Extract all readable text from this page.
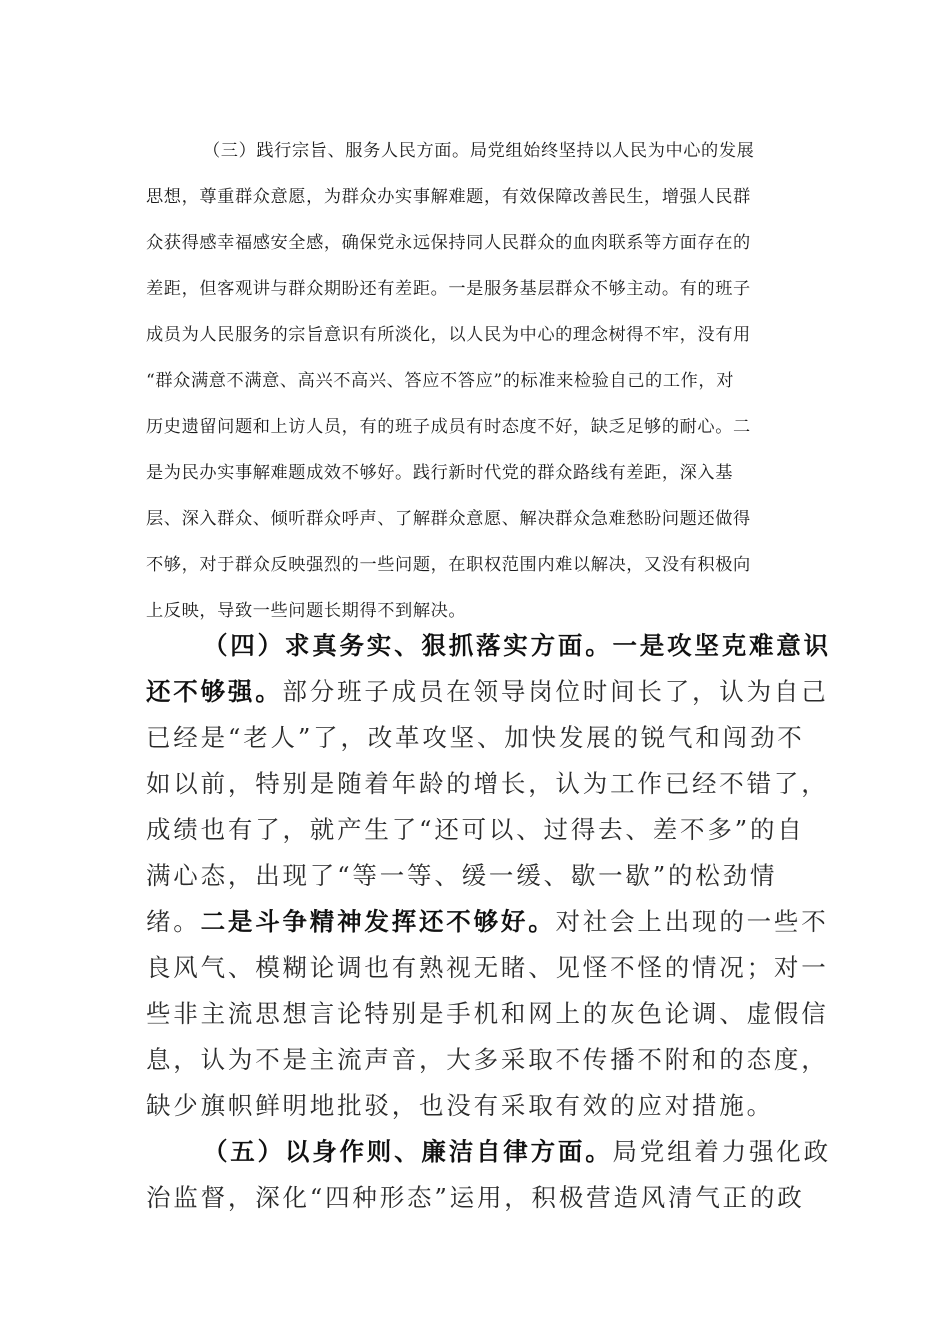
（三）践行宗旨、服务人民方面。局党组始终坚持以人民为中心的发展
思想，尊重群众意愿，为群众办实事解难题，有效保障改善民生，增强人民群
众获得感幸福感安全感，确保党永远保持同人民群众的血肉联系等方面存在的
差距，但客观讲与群众期盼还有差距。一是服务基层群众不够主动。有的班子
成员为人民服务的宗旨意识有所淡化，以人民为中心的理念树得不牢，没有用
“群众满意不满意、高兴不高兴、答应不答应”的标准来检验自己的工作，对
历史遗留问题和上访人员，有的班子成员有时态度不好，缺乏足够的耐心。二
是为民办实事解难题成效不够好。践行新时代党的群众路线有差距，深入基
层、深入群众、倾听群众呼声、了解群众意愿、解决群众急难愁盼问题还做得
不够，对于群众反映强烈的一些问题，在职权范围内难以解决，又没有积极向
上反映，导致一些问题长期得不到解决。
（四）求真务实、狠抓落实方面。一是攻坚克难意识
还不够强。部分班子成员在领导岗位时间长了，认为自己
已经是“老人”了，改革攻坚、加快发展的锐气和闯劲不
如以前，特别是随着年龄的增长，认为工作已经不错了，
成绩也有了，就产生了“还可以、过得去、差不多”的自
满心态，出现了“等一等、缓一缓、歇一歇”的松劲情
绪。二是斗争精神发挥还不够好。对社会上出现的一些不
良风气、模糊论调也有熟视无睹、见怪不怪的情况；对一
些非主流思想言论特别是手机和网上的灰色论调、虚假信
息，认为不是主流声音，大多采取不传播不附和的态度，
缺少旗帜鲜明地批驳，也没有采取有效的应对措施。
（五）以身作则、廉洁自律方面。局党组着力强化政
治监督，深化“四种形态”运用，积极营造风清气正的政
